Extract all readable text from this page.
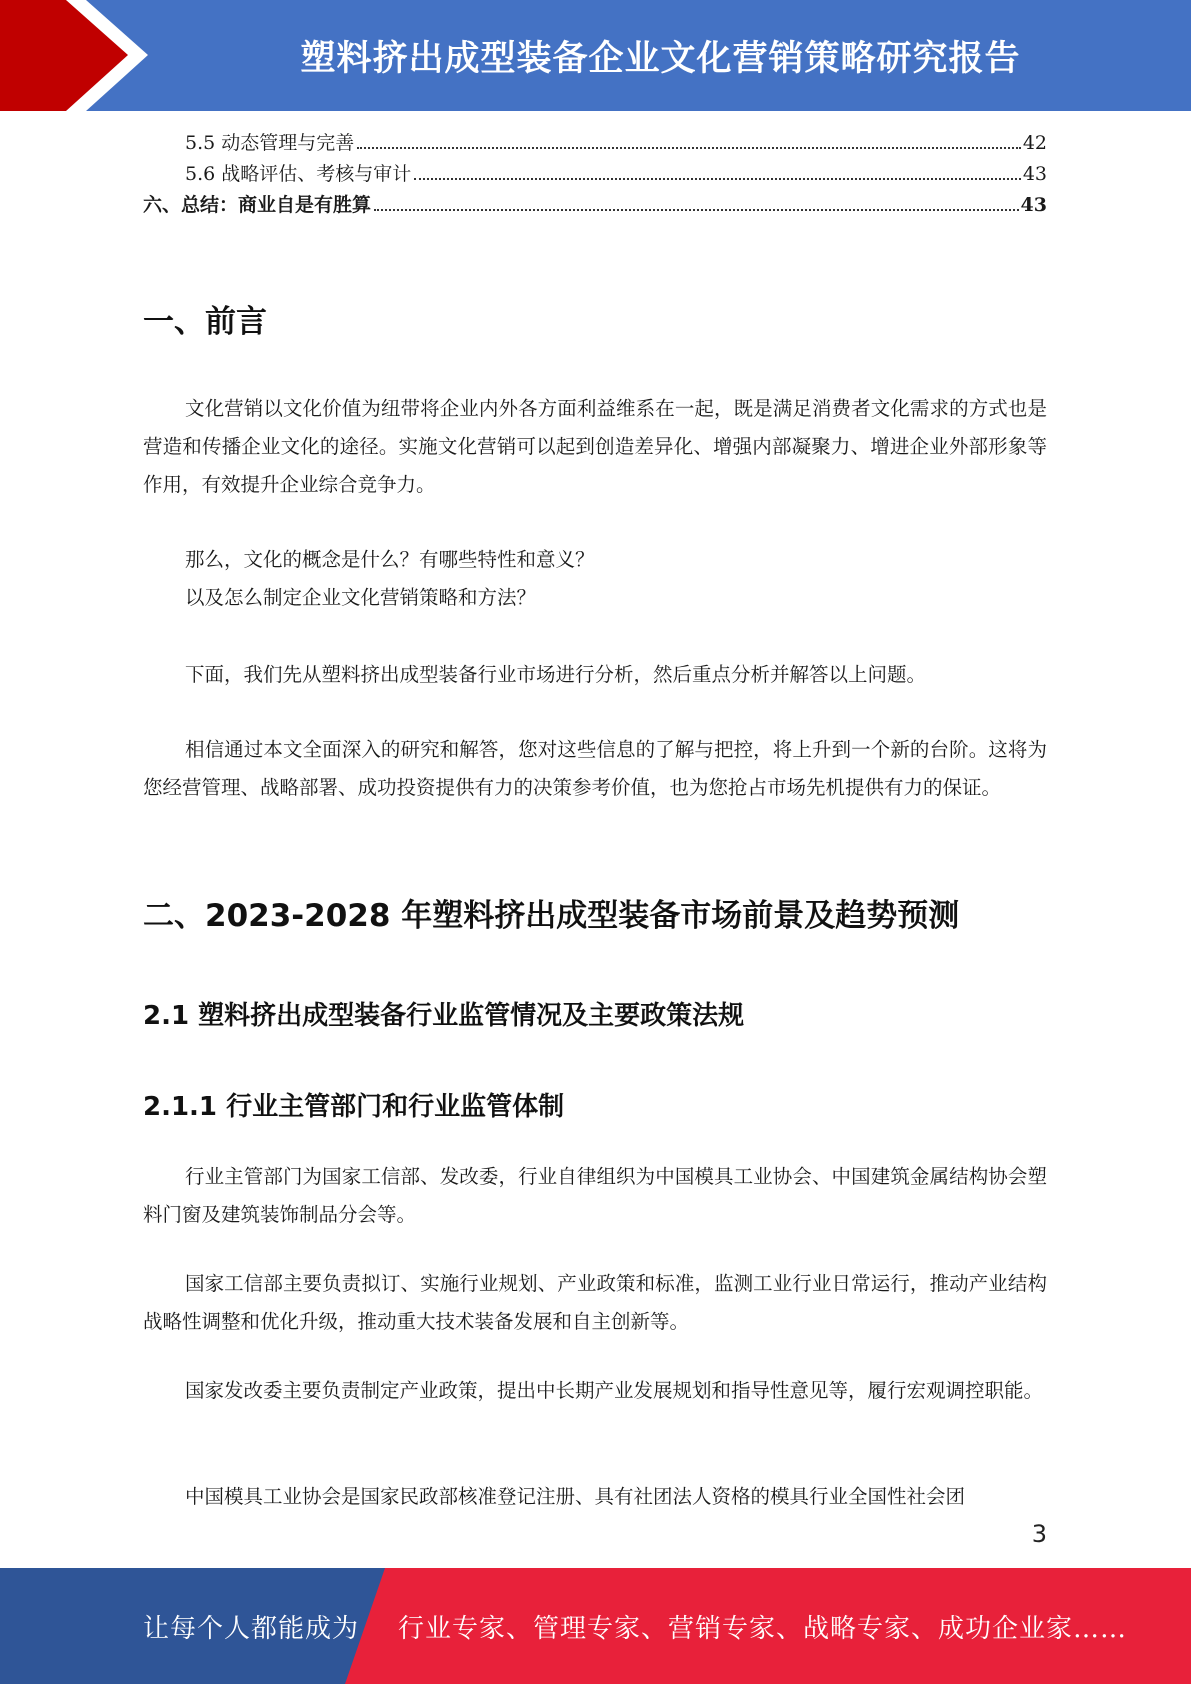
塑料挤出成型装备企业文化营销策略研究报告
5.5 动态管理与完善	42
5.6 战略评估、考核与审计	43
六、总结：商业自是有胜算	43
一、前言

文化营销以文化价值为纽带将企业内外各方面利益维系在一起，既是满足消费者文化需求的方式也是营造和传播企业文化的途径。实施文化营销可以起到创造差异化、增强内部凝聚力、增进企业外部形象等作用，有效提升企业综合竞争力。

那么，文化的概念是什么？有哪些特性和意义？

以及怎么制定企业文化营销策略和方法？

下面，我们先从塑料挤出成型装备行业市场进行分析，然后重点分析并解答以上问题。

相信通过本文全面深入的研究和解答，您对这些信息的了解与把控，将上升到一个新的台阶。这将为您经营管理、战略部署、成功投资提供有力的决策参考价值，也为您抢占市场先机提供有力的保证。

二、2023-2028 年塑料挤出成型装备市场前景及趋势预测
2.1 塑料挤出成型装备行业监管情况及主要政策法规
2.1.1 行业主管部门和行业监管体制

行业主管部门为国家工信部、发改委，行业自律组织为中国模具工业协会、中国建筑金属结构协会塑料门窗及建筑装饰制品分会等。

国家工信部主要负责拟订、实施行业规划、产业政策和标准，监测工业行业日常运行，推动产业结构战略性调整和优化升级，推动重大技术装备发展和自主创新等。

国家发改委主要负责制定产业政策，提出中长期产业发展规划和指导性意见等，履行宏观调控职能。

中国模具工业协会是国家民政部核准登记注册、具有社团法人资格的模具行业全国性社会团

3
让每个人都能成为 行业专家、管理专家、营销专家、战略专家、成功企业家……
